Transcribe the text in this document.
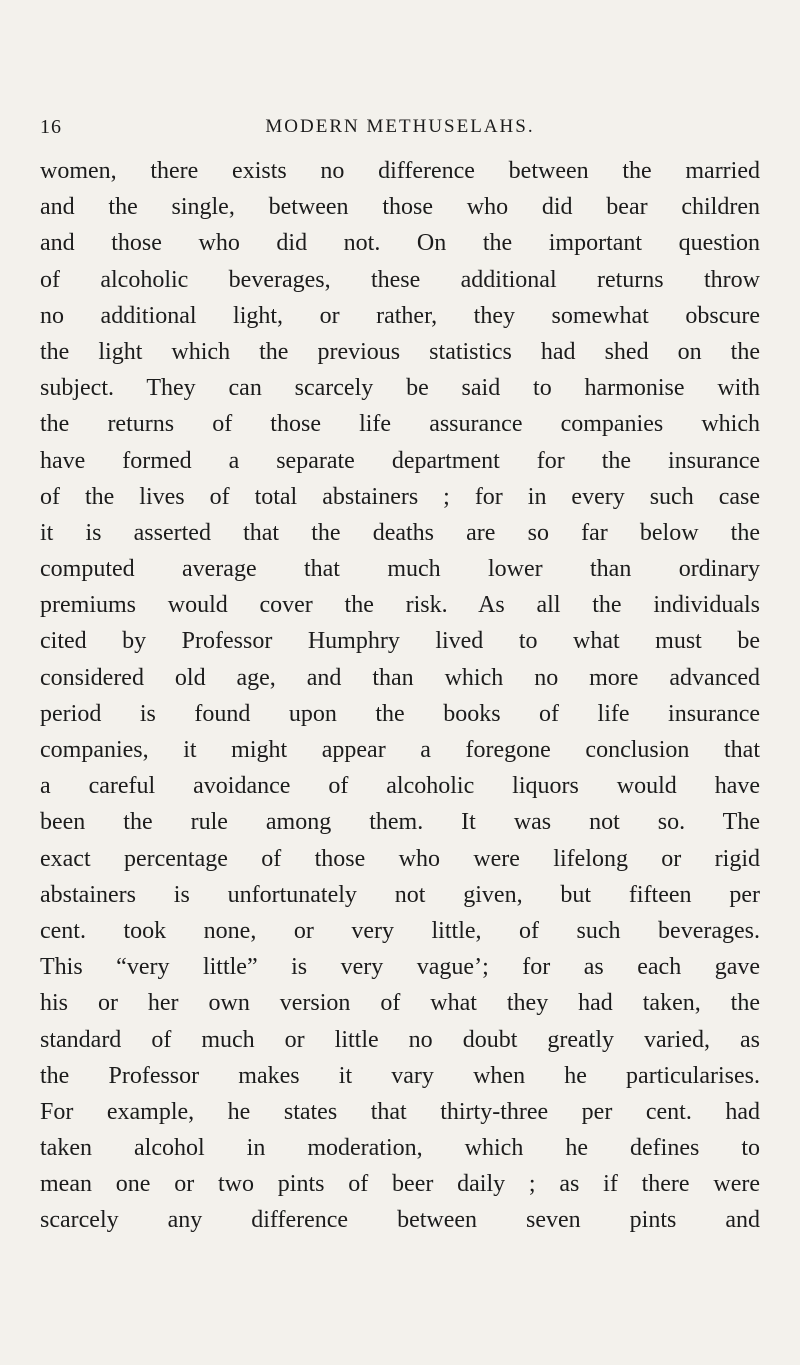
16	MODERN METHUSELAHS.
women, there exists no difference between the married
and the single, between those who did bear children
and those who did not. On the important question
of alcoholic beverages, these additional returns throw
no additional light, or rather, they somewhat obscure
the light which the previous statistics had shed on the
subject. They can scarcely be said to harmonise with
the returns of those life assurance companies which
have formed a separate department for the insurance
of the lives of total abstainers ; for in every such case
it is asserted that the deaths are so far below the
computed average that much lower than ordinary
premiums would cover the risk. As all the individuals
cited by Professor Humphry lived to what must be
considered old age, and than which no more advanced
period is found upon the books of life insurance
companies, it might appear a foregone conclusion that
a careful avoidance of alcoholic liquors would have
been the rule among them. It was not so. The
exact percentage of those who were lifelong or rigid
abstainers is unfortunately not given, but fifteen per
cent. took none, or very little, of such beverages.
This “very little” is very vague’; for as each gave
his or her own version of what they had taken, the
standard of much or little no doubt greatly varied, as
the Professor makes it vary when he particularises.
For example, he states that thirty-three per cent. had
taken alcohol in moderation, which he defines to
mean one or two pints of beer daily ; as if there were
scarcely any difference between seven pints and
